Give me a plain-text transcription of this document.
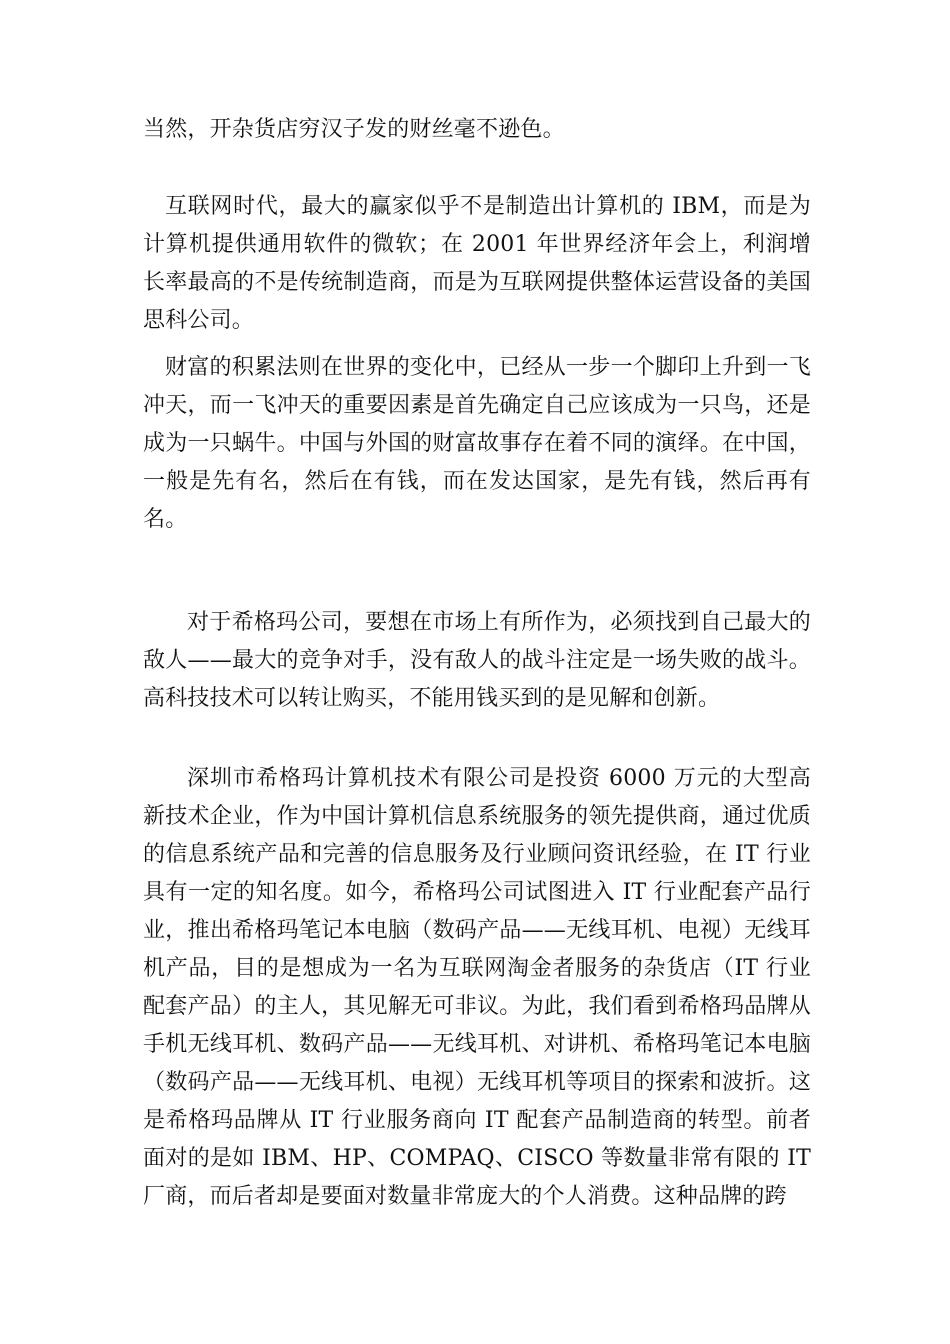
当然，开杂货店穷汉子发的财丝毫不逊色。

互联网时代，最大的赢家似乎不是制造出计算机的 IBM，而是为计算机提供通用软件的微软；在 2001 年世界经济年会上，利润增长率最高的不是传统制造商，而是为互联网提供整体运营设备的美国思科公司。

财富的积累法则在世界的变化中，已经从一步一个脚印上升到一飞冲天，而一飞冲天的重要因素是首先确定自己应该成为一只鸟，还是成为一只蜗牛。中国与外国的财富故事存在着不同的演绎。在中国，一般是先有名，然后在有钱，而在发达国家，是先有钱，然后再有名。

对于希格玛公司，要想在市场上有所作为，必须找到自己最大的敌人——最大的竞争对手，没有敌人的战斗注定是一场失败的战斗。高科技技术可以转让购买，不能用钱买到的是见解和创新。

深圳市希格玛计算机技术有限公司是投资 6000 万元的大型高新技术企业，作为中国计算机信息系统服务的领先提供商，通过优质的信息系统产品和完善的信息服务及行业顾问资讯经验，在 IT 行业具有一定的知名度。如今，希格玛公司试图进入 IT 行业配套产品行业，推出希格玛笔记本电脑（数码产品——无线耳机、电视）无线耳机产品，目的是想成为一名为互联网淘金者服务的杂货店（IT 行业配套产品）的主人，其见解无可非议。为此，我们看到希格玛品牌从手机无线耳机、数码产品——无线耳机、对讲机、希格玛笔记本电脑（数码产品——无线耳机、电视）无线耳机等项目的探索和波折。这是希格玛品牌从 IT 行业服务商向 IT 配套产品制造商的转型。前者面对的是如 IBM、HP、COMPAQ、CISCO 等数量非常有限的 IT 厂商，而后者却是要面对数量非常庞大的个人消费。这种品牌的跨
